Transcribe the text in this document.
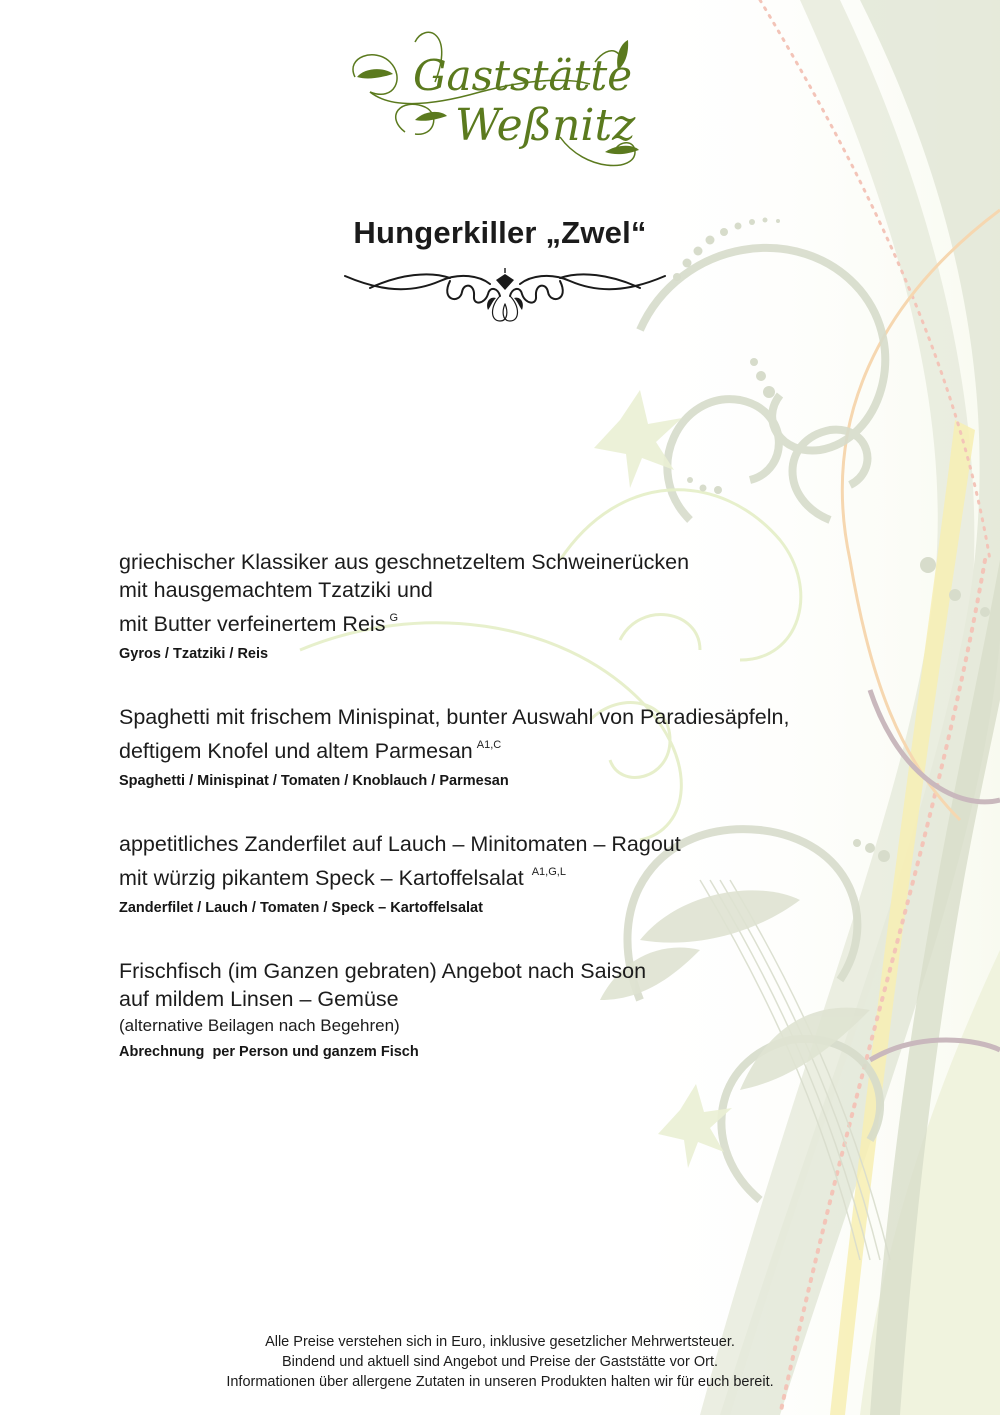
Gaststätte
Weßnitz
Hungerkiller „Zwel“
griechischer Klassiker aus geschnetzeltem Schweinerücken
mit hausgemachtem Tzatziki und
mit Butter verfeinertem Reis $^G$
Gyros / Tzatziki / Reis
Spaghetti mit frischem Minispinat, bunter Auswahl von Paradiesäpfeln,
deftigem Knofel und altem Parmesan $^{A1,C}$
Spaghetti / Minispinat / Tomaten / Knoblauch / Parmesan
appetitliches Zanderfilet auf Lauch – Minitomaten – Ragout
mit würzig pikantem Speck – Kartoffelsalat $^{A1,G,L}$
Zanderfilet / Lauch / Tomaten / Speck – Kartoffelsalat
Frischfisch (im Ganzen gebraten) Angebot nach Saison
auf mildem Linsen – Gemüse
(alternative Beilagen nach Begehren)
Abrechnung  per Person und ganzem Fisch
Alle Preise verstehen sich in Euro, inklusive gesetzlicher Mehrwertsteuer.
Bindend und aktuell sind Angebot und Preise der Gaststätte vor Ort.
Informationen über allergene Zutaten in unseren Produkten halten wir für euch bereit.
